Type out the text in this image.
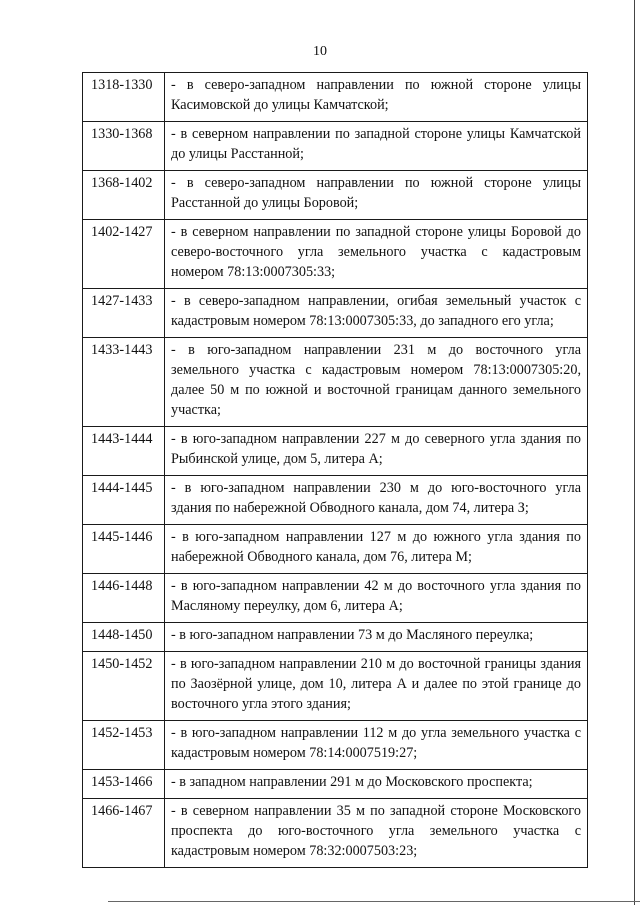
10
1318-1330	- в северо-западном направлении по южной стороне улицы Касимовской до улицы Камчатской;
1330-1368	- в северном направлении по западной стороне улицы Камчатской до улицы Расстанной;
1368-1402	- в северо-западном направлении по южной стороне улицы Расстанной до улицы Боровой;
1402-1427	- в северном направлении по западной стороне улицы Боровой до северо-восточного угла земельного участка с кадастровым номером 78:13:0007305:33;
1427-1433	- в северо-западном направлении, огибая земельный участок с кадастровым номером 78:13:0007305:33, до западного его угла;
1433-1443	- в юго-западном направлении 231 м до восточного угла земельного участка с кадастровым номером 78:13:0007305:20, далее 50 м по южной и восточной границам данного земельного участка;
1443-1444	- в юго-западном направлении 227 м до северного угла здания по Рыбинской улице, дом 5, литера А;
1444-1445	- в юго-западном направлении 230 м до юго-восточного угла здания по набережной Обводного канала, дом 74, литера З;
1445-1446	- в юго-западном направлении 127 м до южного угла здания по набережной Обводного канала, дом 76, литера М;
1446-1448	- в юго-западном направлении 42 м до восточного угла здания по Масляному переулку, дом 6, литера А;
1448-1450	- в юго-западном направлении 73 м до Масляного переулка;
1450-1452	- в юго-западном направлении 210 м до восточной границы здания по Заозёрной улице, дом 10, литера А и далее по этой границе до восточного угла этого здания;
1452-1453	- в юго-западном направлении 112 м до угла земельного участка с кадастровым номером 78:14:0007519:27;
1453-1466	- в западном направлении 291 м до Московского проспекта;
1466-1467	- в северном направлении 35 м по западной стороне Московского проспекта до юго-восточного угла земельного участка с кадастровым номером 78:32:0007503:23;
